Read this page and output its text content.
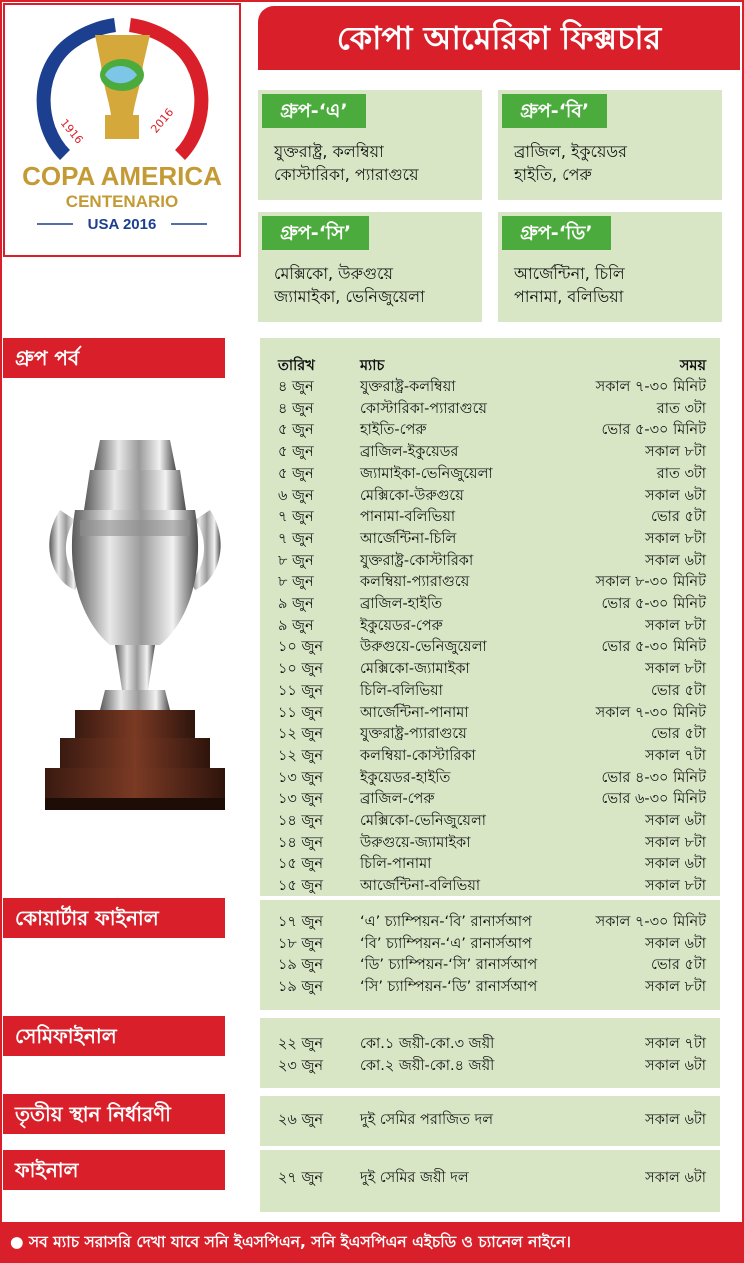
1916	2016
COPA AMERICA
CENTENARIO
USA 2016
কোপা আমেরিকা ফিক্সচার
গ্রুপ-‘এ’
যুক্তরাষ্ট্র, কলম্বিয়া
কোস্টারিকা, প্যারাগুয়ে
গ্রুপ-‘বি’
ব্রাজিল, ইকুয়েডর
হাইতি, পেরু
গ্রুপ-‘সি’
মেক্সিকো, উরুগুয়ে
জ্যামাইকা, ভেনিজুয়েলা
গ্রুপ-‘ডি’
আর্জেন্টিনা, চিলি
পানামা, বলিভিয়া
গ্রুপ পর্ব
কোয়ার্টার ফাইনাল
সেমিফাইনাল
তৃতীয় স্থান নির্ধারণী
ফাইনাল
তারিখ	ম্যাচ	সময়
৪ জুন	যুক্তরাষ্ট্র-কলম্বিয়া	সকাল ৭-৩০ মিনিট
৪ জুন	কোস্টারিকা-প্যারাগুয়ে	রাত ৩টা
৫ জুন	হাইতি-পেরু	ভোর ৫-৩০ মিনিট
৫ জুন	ব্রাজিল-ইকুয়েডর	সকাল ৮টা
৫ জুন	জ্যামাইকা-ভেনিজুয়েলা	রাত ৩টা
৬ জুন	মেক্সিকো-উরুগুয়ে	সকাল ৬টা
৭ জুন	পানামা-বলিভিয়া	ভোর ৫টা
৭ জুন	আর্জেন্টিনা-চিলি	সকাল ৮টা
৮ জুন	যুক্তরাষ্ট্র-কোস্টারিকা	সকাল ৬টা
৮ জুন	কলম্বিয়া-প্যারাগুয়ে	সকাল ৮-৩০ মিনিট
৯ জুন	ব্রাজিল-হাইতি	ভোর ৫-৩০ মিনিট
৯ জুন	ইকুয়েডর-পেরু	সকাল ৮টা
১০ জুন	উরুগুয়ে-ভেনিজুয়েলা	ভোর ৫-৩০ মিনিট
১০ জুন	মেক্সিকো-জ্যামাইকা	সকাল ৮টা
১১ জুন	চিলি-বলিভিয়া	ভোর ৫টা
১১ জুন	আর্জেন্টিনা-পানামা	সকাল ৭-৩০ মিনিট
১২ জুন	যুক্তরাষ্ট্র-প্যারাগুয়ে	ভোর ৫টা
১২ জুন	কলম্বিয়া-কোস্টারিকা	সকাল ৭টা
১৩ জুন	ইকুয়েডর-হাইতি	ভোর ৪-৩০ মিনিট
১৩ জুন	ব্রাজিল-পেরু	ভোর ৬-৩০ মিনিট
১৪ জুন	মেক্সিকো-ভেনিজুয়েলা	সকাল ৬টা
১৪ জুন	উরুগুয়ে-জ্যামাইকা	সকাল ৮টা
১৫ জুন	চিলি-পানামা	সকাল ৬টা
১৫ জুন	আর্জেন্টিনা-বলিভিয়া	সকাল ৮টা
১৭ জুন	‘এ’ চ্যাম্পিয়ন-‘বি’ রানার্সআপ	সকাল ৭-৩০ মিনিট
১৮ জুন	‘বি’ চ্যাম্পিয়ন-‘এ’ রানার্সআপ	সকাল ৬টা
১৯ জুন	‘ডি’ চ্যাম্পিয়ন-‘সি’ রানার্সআপ	ভোর ৫টা
১৯ জুন	‘সি’ চ্যাম্পিয়ন-‘ডি’ রানার্সআপ	সকাল ৮টা
২২ জুন	কো.১ জয়ী-কো.৩ জয়ী	সকাল ৭টা
২৩ জুন	কো.২ জয়ী-কো.৪ জয়ী	সকাল ৬টা
২৬ জুন	দুই সেমির পরাজিত দল	সকাল ৬টা
২৭ জুন	দুই সেমির জয়ী দল	সকাল ৬টা
● সব ম্যাচ সরাসরি দেখা যাবে সনি ইএসপিএন, সনি ইএসপিএন এইচডি ও চ্যানেল নাইনে।
